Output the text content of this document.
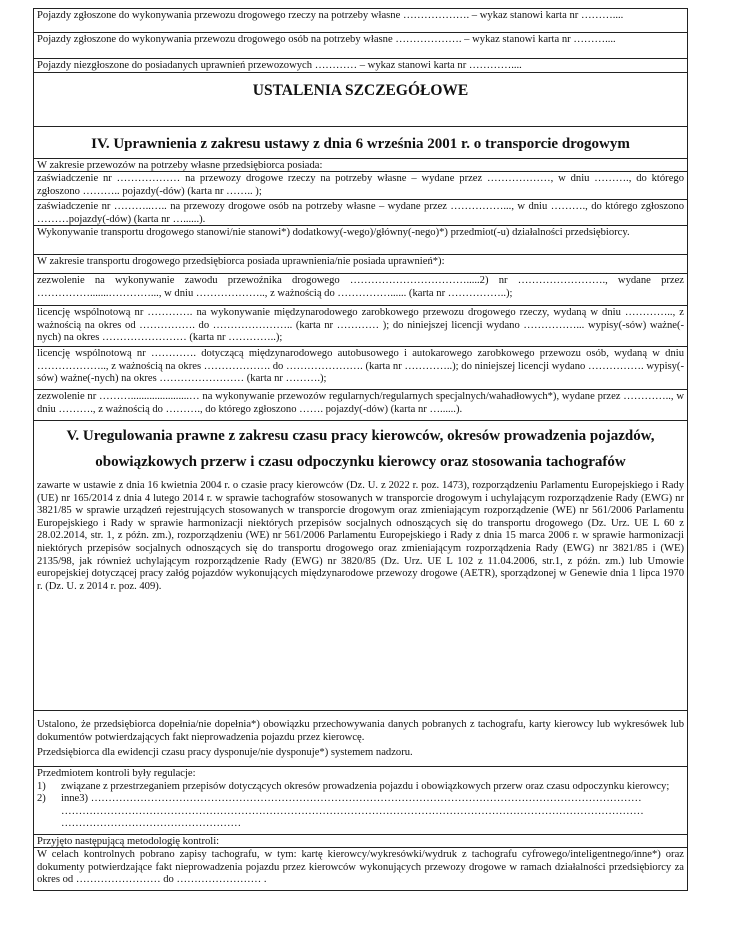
Pojazdy zgłoszone do wykonywania przewozu drogowego rzeczy na potrzeby własne ………………. – wykaz stanowi karta nr ………....
Pojazdy zgłoszone do wykonywania przewozu drogowego osób na potrzeby własne ………………. – wykaz stanowi karta nr ………....
Pojazdy niezgłoszone do posiadanych uprawnień przewozowych ………… – wykaz stanowi karta nr …………....
USTALENIA SZCZEGÓŁOWE
IV. Uprawnienia z zakresu ustawy z dnia 6 września 2001 r. o transporcie drogowym
W zakresie przewozów na potrzeby własne przedsiębiorca posiada:
zaświadczenie nr ……………… na przewozy drogowe rzeczy na potrzeby własne – wydane przez ………………, w dniu ………., do którego zgłoszono ……….. pojazdy(-dów) (karta nr …….. );
zaświadczenie nr ………..….. na przewozy drogowe osób na potrzeby własne – wydane przez ……………..., w dniu ………., do którego zgłoszono ………pojazdy(-dów) (karta nr …......).
Wykonywanie transportu drogowego stanowi/nie stanowi*) dodatkowy(-wego)/główny(-nego)*) przedmiot(-u) działalności przedsiębiorcy.
W zakresie transportu drogowego przedsiębiorca posiada uprawnienia/nie posiada uprawnień*):
zezwolenie na wykonywanie zawodu przewoźnika drogowego …………………………….....2) nr ……………………., wydane przez …………….......…………..., w dniu ……………….., z ważnością do ……………...... (karta nr ……………..);
licencję wspólnotową nr …………. na wykonywanie międzynarodowego zarobkowego przewozu drogowego rzeczy, wydaną w dniu ………….., z ważnością na okres od ……………. do ………………….. (karta nr ………… ); do niniejszej licencji wydano ……………... wypisy(-sów) ważne(-nych) na okres …………………… (karta nr …………..);
licencję wspólnotową nr …………. dotyczącą międzynarodowego autobusowego i autokarowego zarobkowego przewozu osób, wydaną w dniu ……………….., z ważnością na okres ………………. do …………………. (karta nr …………..); do niniejszej licencji wydano ……………. wypisy(-sów) ważne(-nych) na okres …………………… (karta nr ……….);
zezwolenie nr ………......................… na wykonywanie przewozów regularnych/regularnych specjalnych/wahadłowych*), wydane przez ………….., w dniu ………., z ważnością do ………., do którego zgłoszono ……. pojazdy(-dów) (karta nr …......).
V. Uregulowania prawne z zakresu czasu pracy kierowców, okresów prowadzenia pojazdów,
obowiązkowych przerw i czasu odpoczynku kierowcy oraz stosowania tachografów
zawarte w ustawie z dnia 16 kwietnia 2004 r. o czasie pracy kierowców (Dz. U. z 2022 r. poz. 1473), rozporządzeniu Parlamentu Europejskiego i Rady (UE) nr 165/2014 z dnia 4 lutego 2014 r. w sprawie tachografów stosowanych w transporcie drogowym i uchylającym rozporządzenie Rady (EWG) nr 3821/85 w sprawie urządzeń rejestrujących stosowanych w transporcie drogowym oraz zmieniającym rozporządzenie (WE) nr 561/2006 Parlamentu Europejskiego i Rady w sprawie harmonizacji niektórych przepisów socjalnych odnoszących się do transportu drogowego (Dz. Urz. UE L 60 z 28.02.2014, str. 1, z późn. zm.), rozporządzeniu (WE) nr 561/2006 Parlamentu Europejskiego i Rady z dnia 15 marca 2006 r. w sprawie harmonizacji niektórych przepisów socjalnych odnoszących się do transportu drogowego oraz zmieniającym rozporządzenia Rady (EWG) nr 3821/85 i (WE) 2135/98, jak również uchylającym rozporządzenie Rady (EWG) nr 3820/85 (Dz. Urz. UE L 102 z 11.04.2006, str.1, z późn. zm.) lub Umowie europejskiej dotyczącej pracy załóg pojazdów wykonujących międzynarodowe przewozy drogowe (AETR), sporządzonej w Genewie dnia 1 lipca 1970 r. (Dz. U. z 2014 r. poz. 409).
Ustalono, że przedsiębiorca dopełnia/nie dopełnia*) obowiązku przechowywania danych pobranych z tachografu, karty kierowcy lub wykresówek lub dokumentów potwierdzających fakt nieprowadzenia pojazdu przez kierowcę.
Przedsiębiorca dla ewidencji czasu pracy dysponuje/nie dysponuje*) systemem nadzoru.
Przedmiotem kontroli były regulacje:
1)	związane z przestrzeganiem przepisów dotyczących okresów prowadzenia pojazdu i obowiązkowych przerw oraz czasu odpoczynku kierowcy;
2)	inne3) …………………………………………………………………………………………………………………………………………
…………………………………………………………………………………………………………………………………………………
……………………………………………
Przyjęto następującą metodologię kontroli:
W celach kontrolnych pobrano zapisy tachografu, w tym: kartę kierowcy/wykresówki/wydruk z tachografu cyfrowego/inteligentnego/inne*) oraz dokumenty potwierdzające fakt nieprowadzenia pojazdu przez kierowców wykonujących przewozy drogowe w ramach działalności przedsiębiorcy za okres od …………………… do …………………… .
